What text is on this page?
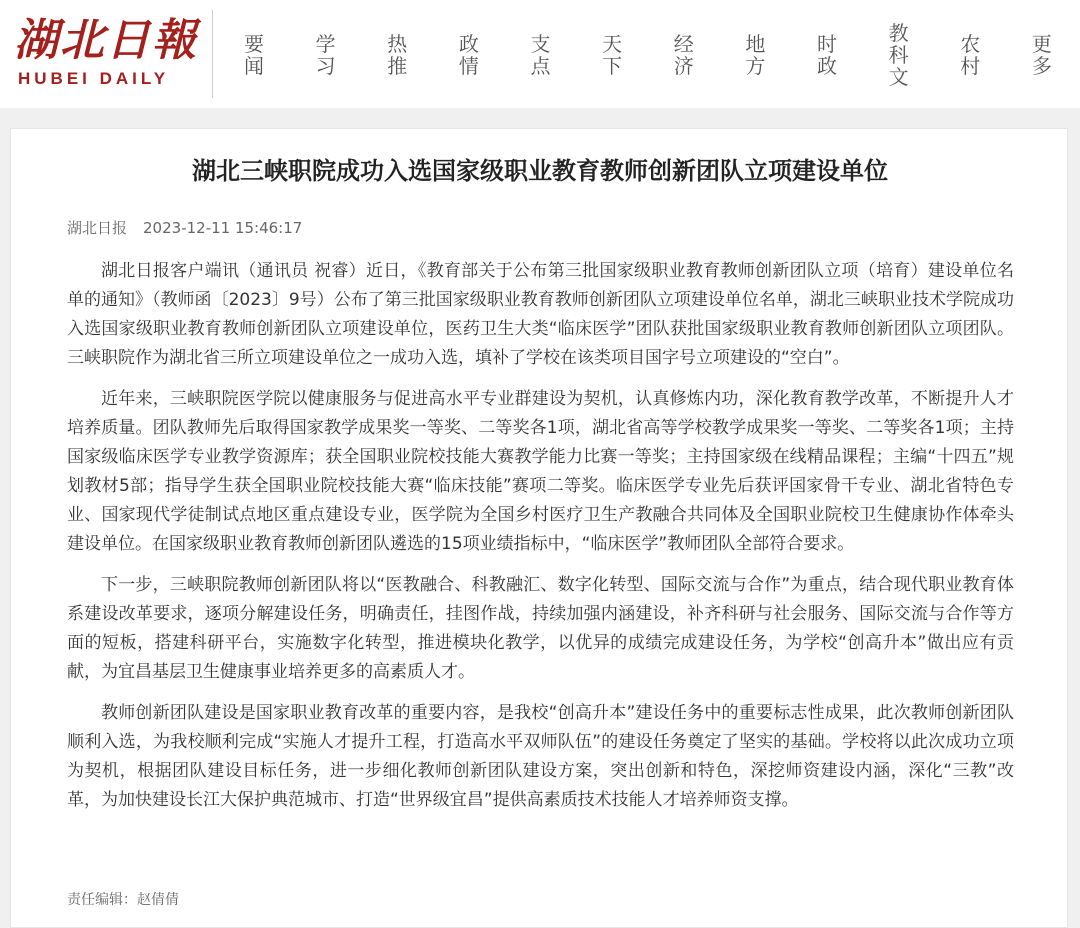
湖北日報
HUBEI DAILY
要闻
学习
热推
政情
支点
天下
经济
地方
时政
教科文
农村
更多
湖北三峡职院成功入选国家级职业教育教师创新团队立项建设单位
湖北日报 2023-12-11 15:46:17

湖北日报客户端讯（通讯员 祝睿）近日，《教育部关于公布第三批国家级职业教育教师创新团队立项（培育）建设单位名单的通知》（教师函〔2023〕9号）公布了第三批国家级职业教育教师创新团队立项建设单位名单，湖北三峡职业技术学院成功入选国家级职业教育教师创新团队立项建设单位，医药卫生大类“临床医学”团队获批国家级职业教育教师创新团队立项团队。三峡职院作为湖北省三所立项建设单位之一成功入选，填补了学校在该类项目国字号立项建设的“空白”。

近年来，三峡职院医学院以健康服务与促进高水平专业群建设为契机，认真修炼内功，深化教育教学改革，不断提升人才培养质量。团队教师先后取得国家教学成果奖一等奖、二等奖各1项，湖北省高等学校教学成果奖一等奖、二等奖各1项；主持国家级临床医学专业教学资源库；获全国职业院校技能大赛教学能力比赛一等奖；主持国家级在线精品课程；主编“十四五”规划教材5部；指导学生获全国职业院校技能大赛“临床技能”赛项二等奖。临床医学专业先后获评国家骨干专业、湖北省特色专业、国家现代学徒制试点地区重点建设专业，医学院为全国乡村医疗卫生产教融合共同体及全国职业院校卫生健康协作体牵头建设单位。在国家级职业教育教师创新团队遴选的15项业绩指标中，“临床医学”教师团队全部符合要求。

下一步，三峡职院教师创新团队将以“医教融合、科教融汇、数字化转型、国际交流与合作”为重点，结合现代职业教育体系建设改革要求，逐项分解建设任务，明确责任，挂图作战，持续加强内涵建设，补齐科研与社会服务、国际交流与合作等方面的短板，搭建科研平台，实施数字化转型，推进模块化教学，以优异的成绩完成建设任务，为学校“创高升本”做出应有贡献，为宜昌基层卫生健康事业培养更多的高素质人才。

教师创新团队建设是国家职业教育改革的重要内容，是我校“创高升本”建设任务中的重要标志性成果，此次教师创新团队顺利入选，为我校顺利完成“实施人才提升工程，打造高水平双师队伍”的建设任务奠定了坚实的基础。学校将以此次成功立项为契机，根据团队建设目标任务，进一步细化教师创新团队建设方案，突出创新和特色，深挖师资建设内涵，深化“三教”改革，为加快建设长江大保护典范城市、打造“世界级宜昌”提供高素质技术技能人才培养师资支撑。

责任编辑：赵倩倩
